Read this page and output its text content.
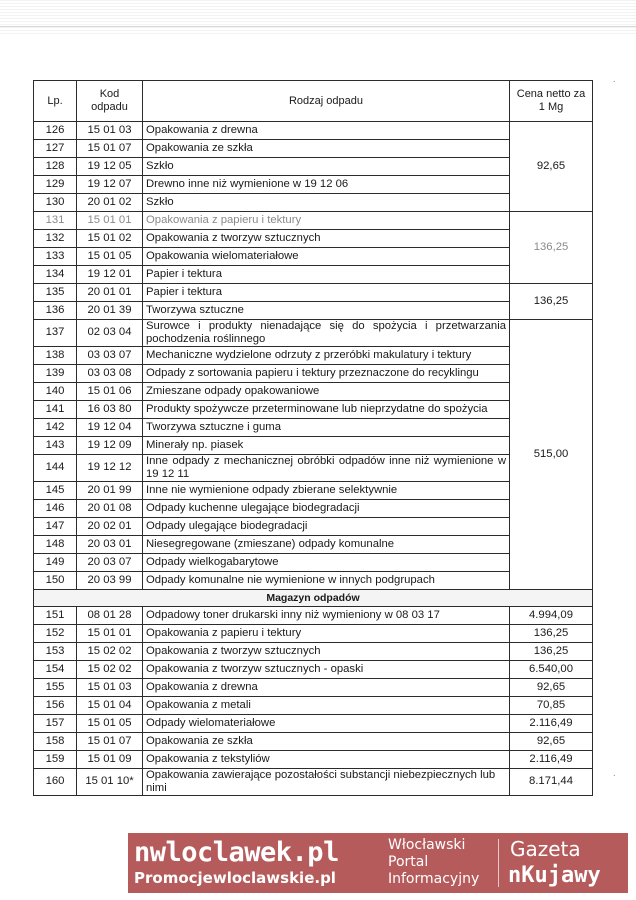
·
·
Lp.	Kod odpadu	Rodzaj odpadu	Cena netto za 1 Mg
126	15 01 03	Opakowania z drewna	92,65
127	15 01 07	Opakowania ze szkła	
128	19 12 05	Szkło	
129	19 12 07	Drewno inne niż wymienione w 19 12 06	
130	20 01 02	Szkło	
131	15 01 01	Opakowania z papieru i tektury	136,25
132	15 01 02	Opakowania z tworzyw sztucznych	
133	15 01 05	Opakowania wielomateriałowe	
134	19 12 01	Papier i tektura	
135	20 01 01	Papier i tektura	136,25
136	20 01 39	Tworzywa sztuczne	
137	02 03 04	Surowce i produkty nienadające się do spożycia i przetwarzania pochodzenia roślinnego	515,00
138	03 03 07	Mechaniczne wydzielone odrzuty z przeróbki makulatury i tektury	
139	03 03 08	Odpady z sortowania papieru i tektury przeznaczone do recyklingu	
140	15 01 06	Zmieszane odpady opakowaniowe	
141	16 03 80	Produkty spożywcze przeterminowane lub nieprzydatne do spożycia	
142	19 12 04	Tworzywa sztuczne i guma	
143	19 12 09	Minerały np. piasek	
144	19 12 12	Inne odpady z mechanicznej obróbki odpadów inne niż wymienione w 19 12 11	
145	20 01 99	Inne nie wymienione odpady zbierane selektywnie	
146	20 01 08	Odpady kuchenne ulegające biodegradacji	
147	20 02 01	Odpady ulegające biodegradacji	
148	20 03 01	Niesegregowane (zmieszane) odpady komunalne	
149	20 03 07	Odpady wielkogabarytowe	
150	20 03 99	Odpady komunalne nie wymienione w innych podgrupach	
Magazyn odpadów			
151	08 01 28	Odpadowy toner drukarski inny niż wymieniony w 08 03 17	4.994,09
152	15 01 01	Opakowania z papieru i tektury	136,25
153	15 02 02	Opakowania z tworzyw sztucznych	136,25
154	15 02 02	Opakowania z tworzyw sztucznych - opaski	6.540,00
155	15 01 03	Opakowania z drewna	92,65
156	15 01 04	Opakowania z metali	70,85
157	15 01 05	Odpady wielomateriałowe	2.116,49
158	15 01 07	Opakowania ze szkła	92,65
159	15 01 09	Opakowania z tekstyliów	2.116,49
160	15 01 10*	Opakowania zawierające pozostałości substancji niebezpiecznych lub nimi	8.171,44
nwloclawek.pl
Promocjewloclawskie.pl
Włocławski
Portal
Informacyjny
Gazeta
nKujawy
